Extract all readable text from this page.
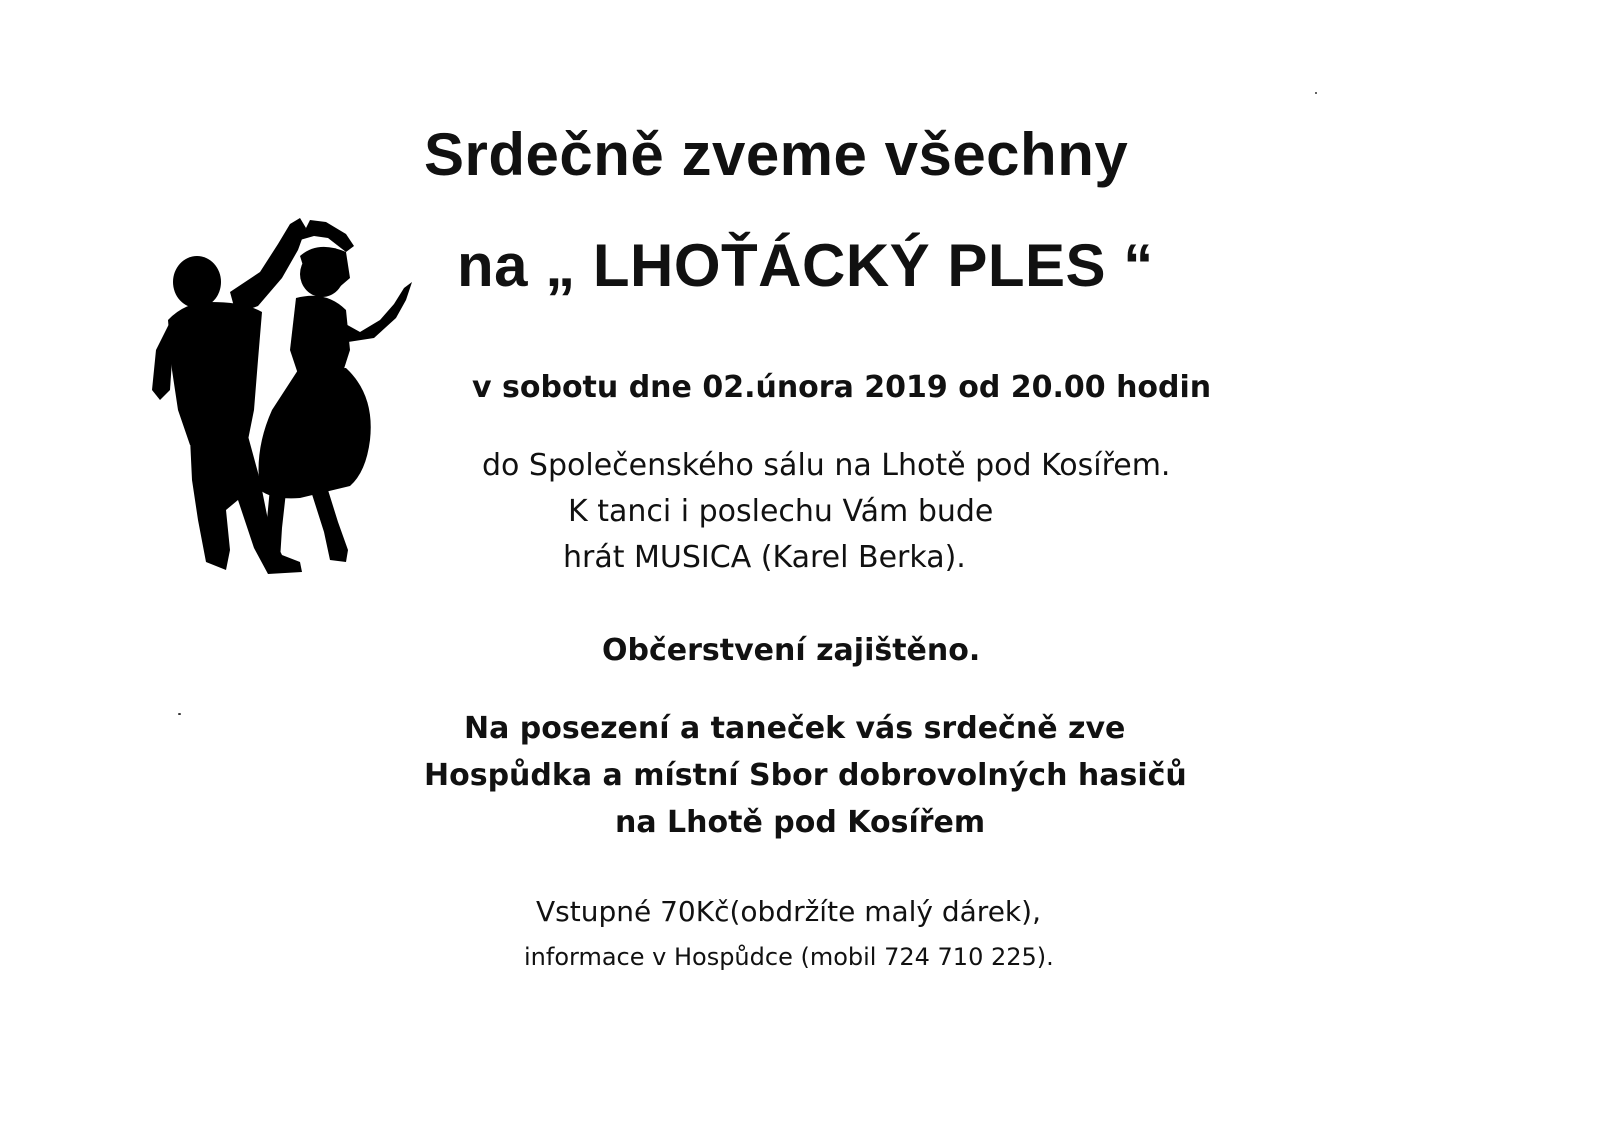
Srdečně zveme všechny
na „ LHOŤÁCKÝ PLES “
v sobotu dne 02.února 2019 od 20.00 hodin
do Společenského sálu na Lhotě pod Kosířem.
K tanci i poslechu Vám bude
hrát MUSICA (Karel Berka).
Občerstvení zajištěno.
Na posezení a taneček vás srdečně zve
Hospůdka a místní Sbor dobrovolných hasičů
na Lhotě pod Kosířem
Vstupné 70Kč(obdržíte malý dárek),
informace v Hospůdce (mobil 724 710 225).
